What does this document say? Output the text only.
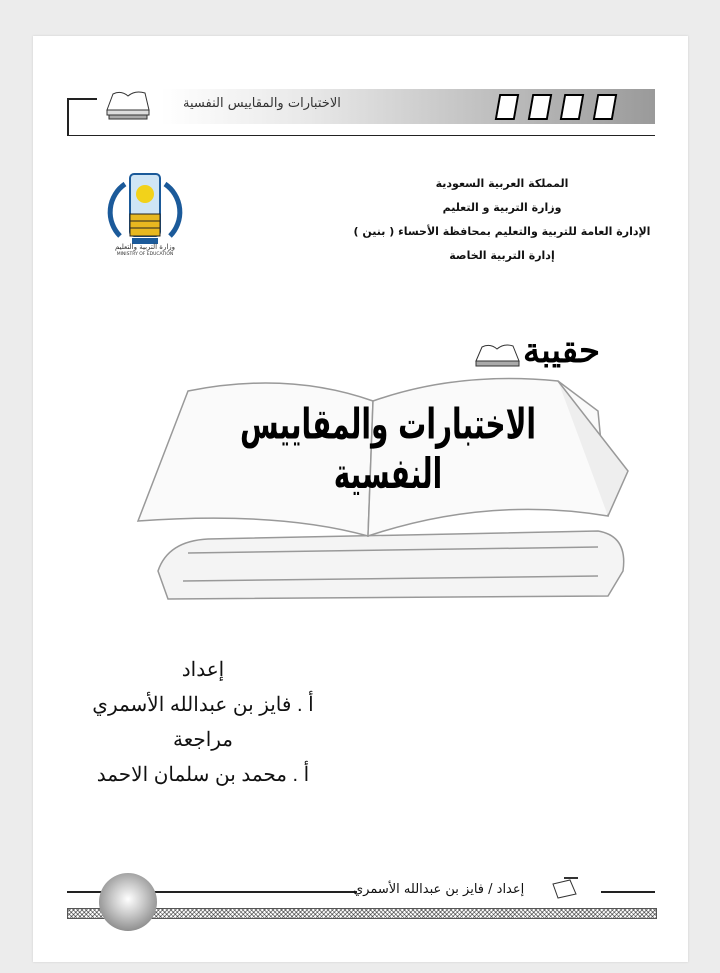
الاختبارات والمقاييس النفسية
وزارة التربية والتعليم
MINISTRY OF EDUCATION
المملكة العربية السعودية
وزارة التربية و التعليم
الإدارة العامة للتربية والتعليم بمحافظة الأحساء ( بنين )
إدارة التربية الخاصة
حقيبة
الاختبارات والمقاييس النفسية
إعداد
أ . فايز بن عبدالله الأسمري
مراجعة
أ . محمد بن سلمان الاحمد
إعداد / فايز بن عبدالله الأسمري
